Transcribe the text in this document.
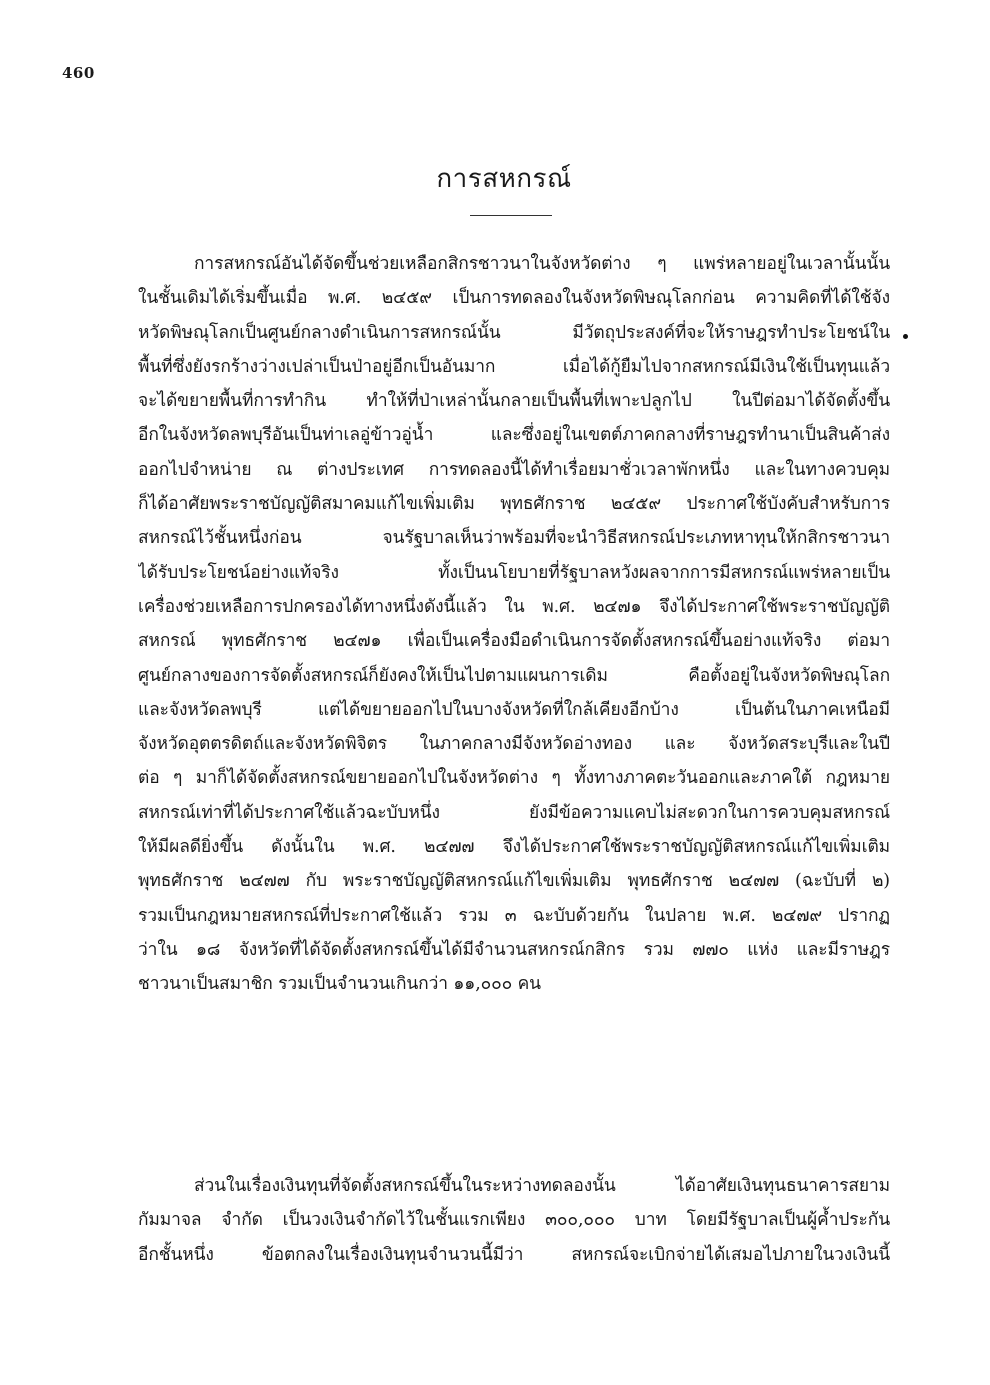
460
การสหกรณ์
การสหกรณ์อันได้จัดขึ้นช่วยเหลือกสิกรชาวนาในจังหวัดต่าง ๆ แพร่หลายอยู่ในเวลานั้นนั้น
ในชั้นเดิมได้เริ่มขึ้นเมื่อ พ.ศ. ๒๔๕๙ เป็นการทดลองในจังหวัดพิษณุโลกก่อน ความคิดที่ได้ใช้จัง
หวัดพิษณุโลกเป็นศูนย์กลางดำเนินการสหกรณ์นั้น มีวัตถุประสงค์ที่จะให้ราษฎรทำประโยชน์ใน
พื้นที่ซึ่งยังรกร้างว่างเปล่าเป็นป่าอยู่อีกเป็นอันมาก เมื่อได้กู้ยืมไปจากสหกรณ์มีเงินใช้เป็นทุนแล้ว
จะได้ขยายพื้นที่การทำกิน ทำให้ที่ป่าเหล่านั้นกลายเป็นพื้นที่เพาะปลูกไป ในปีต่อมาได้จัดตั้งขึ้น
อีกในจังหวัดลพบุรีอันเป็นท่าเลอู่ข้าวอู่น้ำ และซึ่งอยู่ในเขตต์ภาคกลางที่ราษฎรทำนาเป็นสินค้าส่ง
ออกไปจำหน่าย ณ ต่างประเทศ การทดลองนี้ได้ทำเรื่อยมาชั่วเวลาพักหนึ่ง และในทางควบคุม
ก็ได้อาศัยพระราชบัญญัติสมาคมแก้ไขเพิ่มเติม พุทธศักราช ๒๔๕๙ ประกาศใช้บังคับสำหรับการ
สหกรณ์ไว้ชั้นหนึ่งก่อน จนรัฐบาลเห็นว่าพร้อมที่จะนำวิธีสหกรณ์ประเภทหาทุนให้กสิกรชาวนา
ได้รับประโยชน์อย่างแท้จริง ทั้งเป็นนโยบายที่รัฐบาลหวังผลจากการมีสหกรณ์แพร่หลายเป็น
เครื่องช่วยเหลือการปกครองได้ทางหนึ่งดังนี้แล้ว ใน พ.ศ. ๒๔๗๑ จึงได้ประกาศใช้พระราชบัญญัติ
สหกรณ์ พุทธศักราช ๒๔๗๑ เพื่อเป็นเครื่องมือดำเนินการจัดตั้งสหกรณ์ขึ้นอย่างแท้จริง ต่อมา
ศูนย์กลางของการจัดตั้งสหกรณ์ก็ยังคงให้เป็นไปตามแผนการเดิม คือตั้งอยู่ในจังหวัดพิษณุโลก
และจังหวัดลพบุรี แต่ได้ขยายออกไปในบางจังหวัดที่ใกล้เคียงอีกบ้าง เป็นต้นในภาคเหนือมี
จังหวัดอุตตรดิตถ์และจังหวัดพิจิตร ในภาคกลางมีจังหวัดอ่างทอง และ จังหวัดสระบุรีและในปี
ต่อ ๆ มาก็ได้จัดตั้งสหกรณ์ขยายออกไปในจังหวัดต่าง ๆ ทั้งทางภาคตะวันออกและภาคใต้ กฎหมาย
สหกรณ์เท่าที่ได้ประกาศใช้แล้วฉะบับหนึ่ง ยังมีข้อความแคบไม่สะดวกในการควบคุมสหกรณ์
ให้มีผลดียิ่งขึ้น ดังนั้นใน พ.ศ. ๒๔๗๗ จึงได้ประกาศใช้พระราชบัญญัติสหกรณ์แก้ไขเพิ่มเติม
พุทธศักราช ๒๔๗๗ กับ พระราชบัญญัติสหกรณ์แก้ไขเพิ่มเติม พุทธศักราช ๒๔๗๗ (ฉะบับที่ ๒)
รวมเป็นกฎหมายสหกรณ์ที่ประกาศใช้แล้ว รวม ๓ ฉะบับด้วยกัน ในปลาย พ.ศ. ๒๔๗๙ ปรากฏ
ว่าใน ๑๘ จังหวัดที่ได้จัดตั้งสหกรณ์ขึ้นได้มีจำนวนสหกรณ์กสิกร รวม ๗๗๐ แห่ง และมีราษฎร
ชาวนาเป็นสมาชิก รวมเป็นจำนวนเกินกว่า ๑๑,๐๐๐ คน
ส่วนในเรื่องเงินทุนที่จัดตั้งสหกรณ์ขึ้นในระหว่างทดลองนั้น ได้อาศัยเงินทุนธนาคารสยาม
กัมมาจล จำกัด เป็นวงเงินจำกัดไว้ในชั้นแรกเพียง ๓๐๐,๐๐๐ บาท โดยมีรัฐบาลเป็นผู้ค้ำประกัน
อีกชั้นหนึ่ง ข้อตกลงในเรื่องเงินทุนจำนวนนี้มีว่า สหกรณ์จะเบิกจ่ายได้เสมอไปภายในวงเงินนี้
